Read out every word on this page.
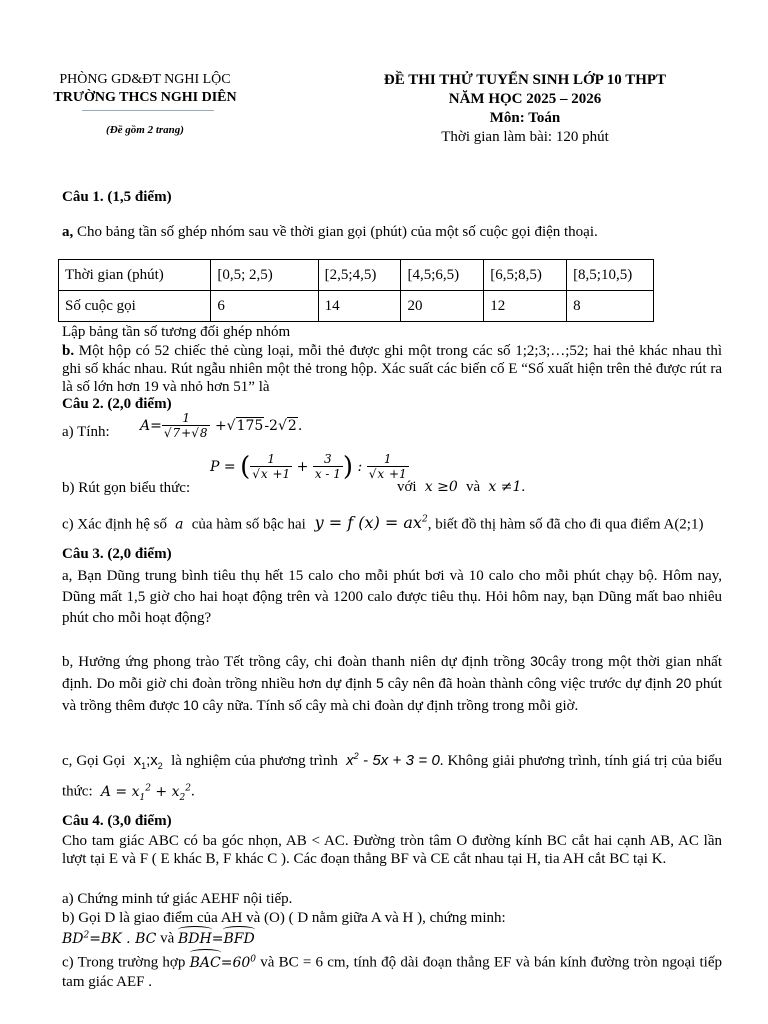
PHÒNG GD&ĐT NGHI LỘC
TRƯỜNG THCS NGHI DIÊN
(Đề gồm 2 trang)
ĐỀ THI THỬ TUYỂN SINH LỚP 10 THPT
NĂM HỌC 2025 – 2026
Môn: Toán
Thời gian làm bài: 120 phút
Câu 1. (1,5 điểm)
a, Cho bảng tần số ghép nhóm sau về thời gian gọi (phút) của một số cuộc gọi điện thoại.
Thời gian (phút)	[0,5; 2,5)	[2,5;4,5)	[4,5;6,5)	[6,5;8,5)	[8,5;10,5)
Số cuộc gọi	6	14	20	12	8
Lập bảng tần số tương đối ghép nhóm
b. Một hộp có 52 chiếc thẻ cùng loại, mỗi thẻ được ghi một trong các số 1;2;3;…;52; hai thẻ khác nhau thì ghi số khác nhau. Rút ngẫu nhiên một thẻ trong hộp. Xác suất các biến cố E “Số xuất hiện trên thẻ được rút ra là số lớn hơn 19 và nhỏ hơn 51” là
Câu 2. (2,0 điểm)
a) Tính: $A= \frac{1}{√7+√8} +√175-2√2$.
P = ( $\frac{1}{√x +1} + \frac{3}{x - 1}$ ) : $\frac{1}{√x +1}$
b) Rút gọn biểu thức:	với  x ≥0  và  x ≠1.
c) Xác định hệ số  a  của hàm số bậc hai  y = f $(x) = ax^2$, biết đồ thị hàm số đã cho đi qua điểm A(2;1)
Câu 3. (2,0 điểm)
a, Bạn Dũng trung bình tiêu thụ hết 15 calo cho mỗi phút bơi và 10 calo cho mỗi phút chạy bộ. Hôm nay, Dũng mất 1,5 giờ cho hai hoạt động trên và 1200 calo được tiêu thụ. Hỏi hôm nay, bạn Dũng mất bao nhiêu phút cho mỗi hoạt động?
b, Hưởng ứng phong trào Tết trồng cây, chi đoàn thanh niên dự định trồng 30cây trong một thời gian nhất định. Do mỗi giờ chi đoàn trồng nhiều hơn dự định 5 cây nên đã hoàn thành công việc trước dự định 20 phút và trồng thêm được 10 cây nữa. Tính số cây mà chi đoàn dự định trồng trong mỗi giờ.
c, Gọi Gọi  $x_1;x_2$ là nghiệm của phương trình  $x^2 - 5x + 3 = 0$. Không giải phương trình, tính giá trị của biểu thức:  $A = x_1^2 + x_2^2$.
Câu 4. (3,0 điểm)
Cho tam giác ABC có ba góc nhọn, AB < AC. Đường tròn tâm O đường kính BC cắt hai cạnh AB, AC lần lượt tại E và F ( E khác B, F khác C ). Các đoạn thẳng BF và CE cắt nhau tại H, tia AH cắt BC tại K.
a) Chứng minh tứ giác AEHF nội tiếp.
b) Gọi D là giao điểm của AH và (O) ( D nằm giữa A và H ), chứng minh:
$BD^2=BK$ . BC và BDH=BFD
c) Trong trường hợp $BAC=60^0$ và BC = 6 cm, tính độ dài đoạn thẳng EF và bán kính đường tròn ngoại tiếp tam giác AEF .
